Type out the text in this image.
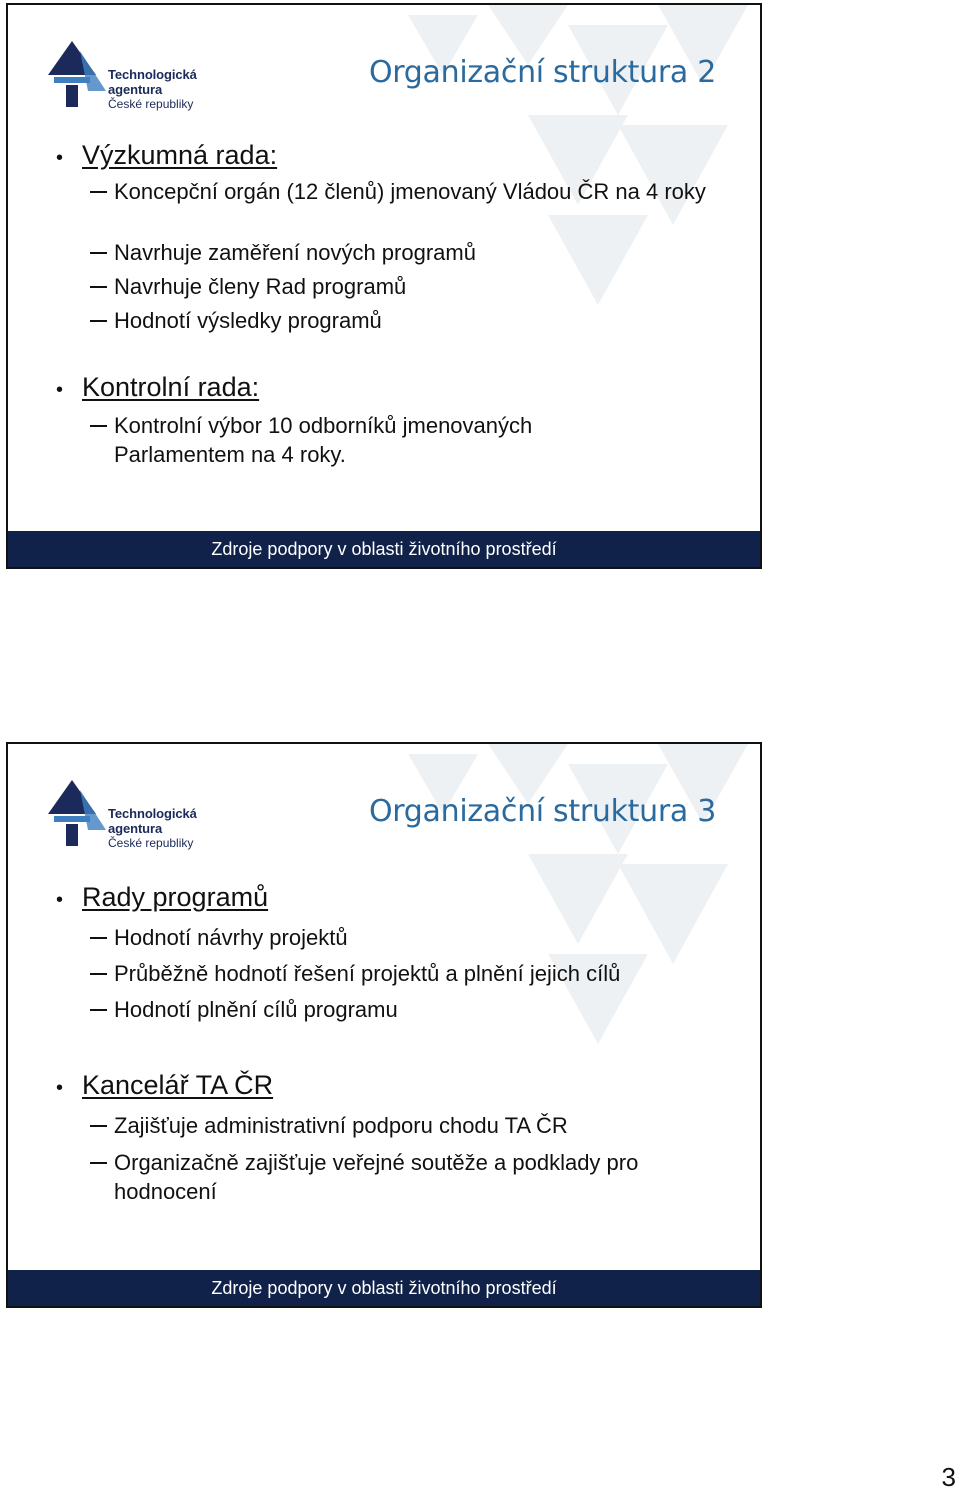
Technologická agentura
České republiky
Organizační struktura 2
• Výzkumná rada:
Koncepční orgán (12 členů) jmenovaný Vládou ČR na 4 roky
Navrhuje zaměření nových programů
Navrhuje členy Rad programů
Hodnotí výsledky programů
• Kontrolní rada:
Kontrolní výbor 10 odborníků jmenovaných Parlamentem na 4 roky.
Zdroje podpory v oblasti životního prostředí
Technologická agentura
České republiky
Organizační struktura 3
• Rady programů
Hodnotí návrhy projektů
Průběžně hodnotí řešení projektů a plnění jejich cílů
Hodnotí plnění cílů programu
• Kancelář TA ČR
Zajišťuje administrativní podporu chodu TA ČR
Organizačně zajišťuje veřejné soutěže a podklady pro hodnocení
Zdroje podpory v oblasti životního prostředí
3
